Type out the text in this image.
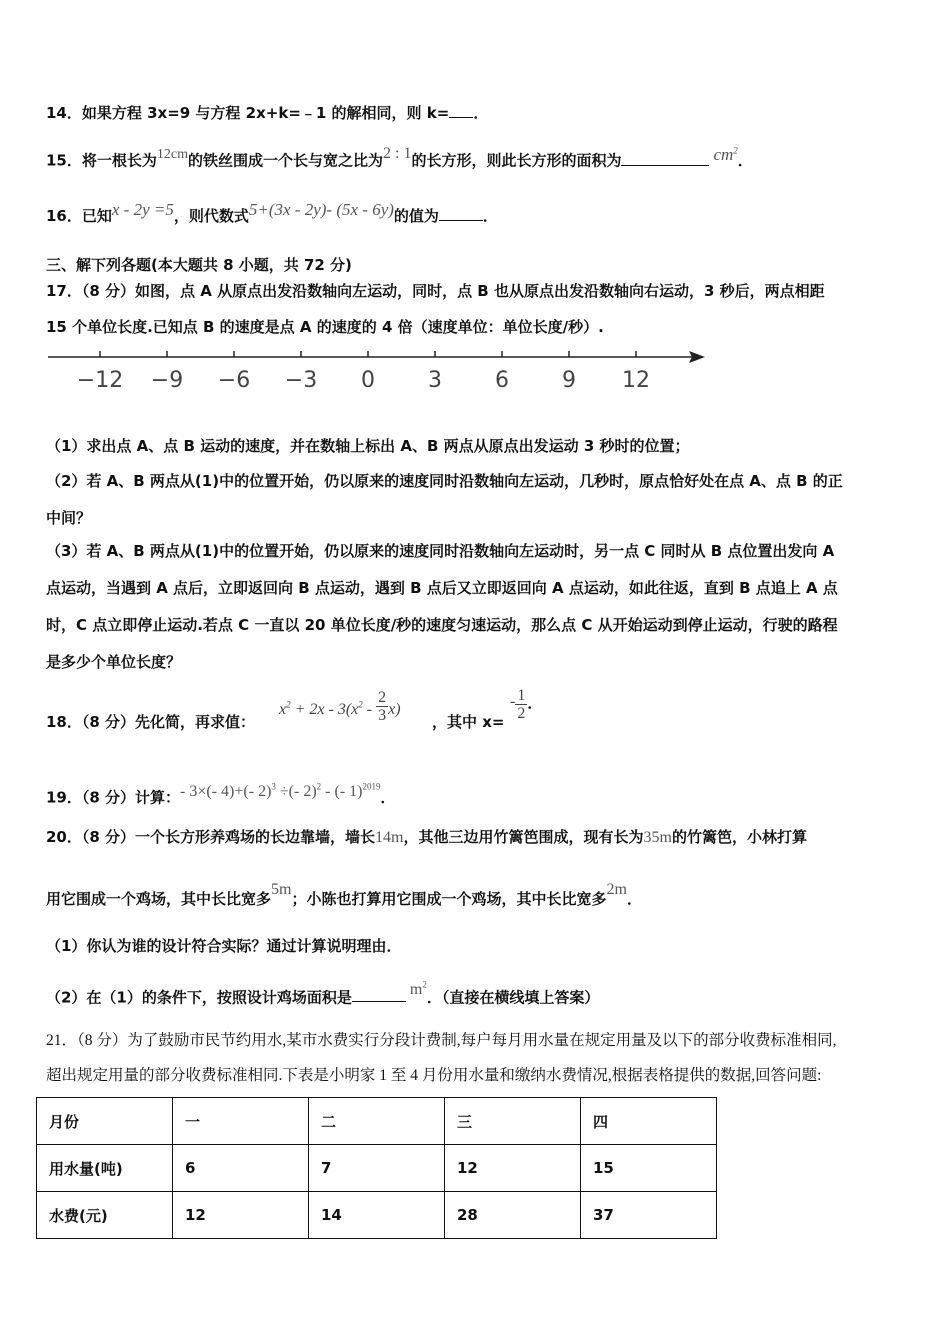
14．如果方程 3x=9 与方程 2x+k=﹣1 的解相同，则 k= ．
15．将一根长为12cm的铁丝围成一个长与宽之比为2 : 1的长方形，则此长方形的面积为	$cm^2$．
16．已知x - 2y =5，则代数式5+(3x - 2y)- (5x - 6y)的值为	．
三、解下列各题(本大题共 8 小题，共 72 分)
17．（8 分）如图，点 A 从原点出发沿数轴向左运动，同时，点 B 也从原点出发沿数轴向右运动，3 秒后，两点相距
15 个单位长度.已知点 B 的速度是点 A 的速度的 4 倍（速度单位：单位长度/秒）.
−12 −9 −6 −3 0 3 6 9 12
（1）求出点 A、点 B 运动的速度，并在数轴上标出 A、B 两点从原点出发运动 3 秒时的位置；
（2）若 A、B 两点从(1)中的位置开始，仍以原来的速度同时沿数轴向左运动，几秒时，原点恰好处在点 A、点 B 的正
中间？
（3）若 A、B 两点从(1)中的位置开始，仍以原来的速度同时沿数轴向左运动时，另一点 C 同时从 B 点位置出发向 A
点运动，当遇到 A 点后，立即返回向 B 点运动，遇到 B 点后又立即返回向 A 点运动，如此往返，直到 B 点追上 A 点
时，C 点立即停止运动.若点 C 一直以 20 单位长度/秒的速度匀速运动，那么点 C 从开始运动到停止运动，行驶的路程
是多少个单位长度？
18．（8 分）先化简，再求值：
$x^2 + 2x - 3(x^2 - \frac{2}{3} x)$
，其中 x=
- $\frac{1}{2}$ ．
19．（8 分）计算：- 3×(- 4)+(- 2)$^3$ ÷(- 2)$^2$ - (- 1)$^{2019}$．
20．（8 分）一个长方形养鸡场的长边靠墙，墙长14m，其他三边用竹篱笆围成，现有长为35m的竹篱笆，小林打算
用它围成一个鸡场，其中长比宽多5m；小陈也打算用它围成一个鸡场，其中长比宽多2m．
（1）你认为谁的设计符合实际？通过计算说明理由．
（2）在（1）的条件下，按照设计鸡场面积是	$m^2$．（直接在横线填上答案）
21．（8 分）为了鼓励市民节约用水,某市水费实行分段计费制,每户每月用水量在规定用量及以下的部分收费标准相同,
超出规定用量的部分收费标准相同.下表是小明家 1 至 4 月份用水量和缴纳水费情况,根据表格提供的数据,回答问题:
月份	一	二	三	四
用水量(吨)	6	7	12	15
水费(元)	12	14	28	37
